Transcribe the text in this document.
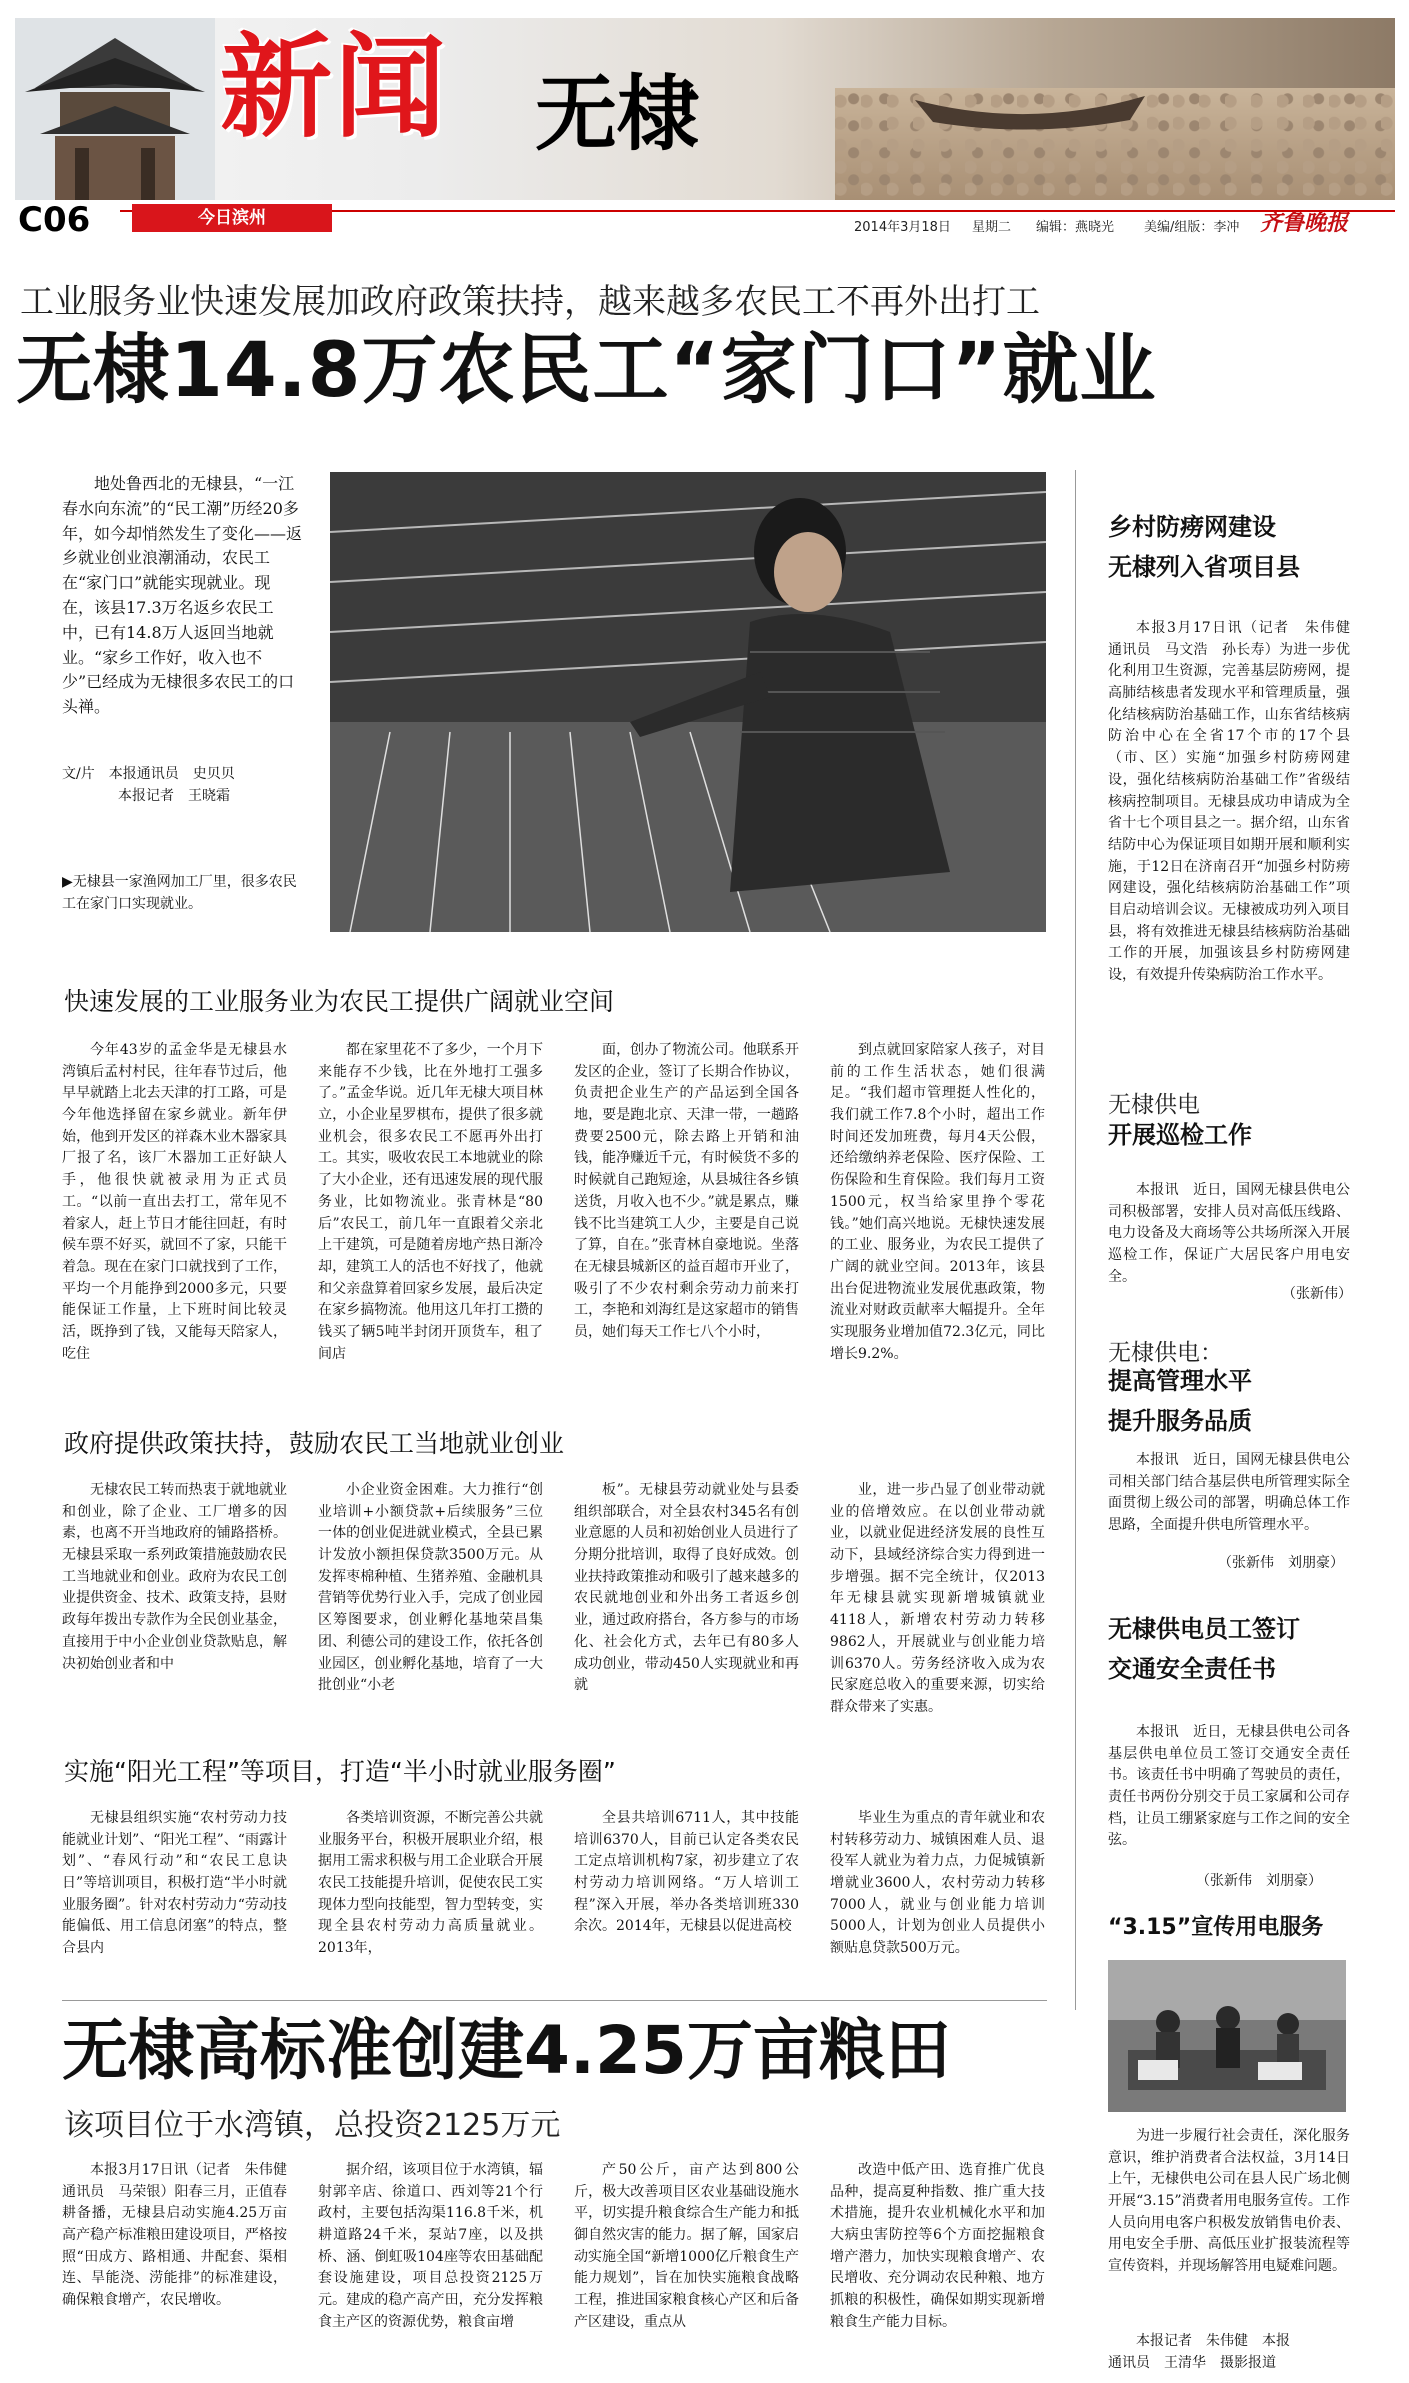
新闻 无棣
C06	今日滨州	2014年3月18日 星期二 编辑：燕晓光 美编/组版：李冲 齐鲁晚报
工业服务业快速发展加政府政策扶持，越来越多农民工不再外出打工
无棣14.8万农民工“家门口”就业
地处鲁西北的无棣县，“一江春水向东流”的“民工潮”历经20多年，如今却悄然发生了变化——返乡就业创业浪潮涌动，农民工在“家门口”就能实现就业。现在，该县17.3万名返乡农民工中，已有14.8万人返回当地就业。“家乡工作好，收入也不少”已经成为无棣很多农民工的口头禅。
文/片　本报通讯员　史贝贝
本报记者　王晓霜
▶无棣县一家渔网加工厂里，很多农民工在家门口实现就业。
快速发展的工业服务业为农民工提供广阔就业空间

今年43岁的孟金华是无棣县水湾镇后孟村村民，往年春节过后，他早早就踏上北去天津的打工路，可是今年他选择留在家乡就业。新年伊始，他到开发区的祥森木业木器家具厂报了名，该厂木器加工正好缺人手，他很快就被录用为正式员工。“以前一直出去打工，常年见不着家人，赶上节日才能往回赶，有时候车票不好买，就回不了家，只能干着急。现在在家门口就找到了工作，平均一个月能挣到2000多元，只要能保证工作量，上下班时间比较灵活，既挣到了钱，又能每天陪家人，吃住

都在家里花不了多少，一个月下来能存不少钱，比在外地打工强多了。”孟金华说。近几年无棣大项目林立，小企业星罗棋布，提供了很多就业机会，很多农民工不愿再外出打工。其实，吸收农民工本地就业的除了大小企业，还有迅速发展的现代服务业，比如物流业。张青林是“80后”农民工，前几年一直跟着父亲北上干建筑，可是随着房地产热日渐冷却，建筑工人的活也不好找了，他就和父亲盘算着回家乡发展，最后决定在家乡搞物流。他用这几年打工攒的钱买了辆5吨半封闭开顶货车，租了间店

面，创办了物流公司。他联系开发区的企业，签订了长期合作协议，负责把企业生产的产品运到全国各地，要是跑北京、天津一带，一趟路费要2500元，除去路上开销和油钱，能净赚近千元，有时候货不多的时候就自己跑短途，从县城往各乡镇送货，月收入也不少。”就是累点，赚钱不比当建筑工人少，主要是自己说了算，自在。”张青林自豪地说。坐落在无棣县城新区的益百超市开业了，吸引了不少农村剩余劳动力前来打工，李艳和刘海红是这家超市的销售员，她们每天工作七八个小时，

到点就回家陪家人孩子，对目前的工作生活状态，她们很满足。“我们超市管理挺人性化的，我们就工作7.8个小时，超出工作时间还发加班费，每月4天公假，还给缴纳养老保险、医疗保险、工伤保险和生育保险。我们每月工资1500元，权当给家里挣个零花钱。”她们高兴地说。无棣快速发展的工业、服务业，为农民工提供了广阔的就业空间。2013年，该县出台促进物流业发展优惠政策，物流业对财政贡献率大幅提升。全年实现服务业增加值72.3亿元，同比增长9.2%。

政府提供政策扶持，鼓励农民工当地就业创业

无棣农民工转而热衷于就地就业和创业，除了企业、工厂增多的因素，也离不开当地政府的铺路搭桥。无棣县采取一系列政策措施鼓励农民工当地就业和创业。政府为农民工创业提供资金、技术、政策支持，县财政每年拨出专款作为全民创业基金，直接用于中小企业创业贷款贴息，解决初始创业者和中

小企业资金困难。大力推行“创业培训+小额贷款+后续服务”三位一体的创业促进就业模式，全县已累计发放小额担保贷款3500万元。从发挥枣棉种植、生猪养殖、金融机具营销等优势行业入手，完成了创业园区筹图要求，创业孵化基地荣昌集团、利德公司的建设工作，依托各创业园区，创业孵化基地，培育了一大批创业“小老

板”。无棣县劳动就业处与县委组织部联合，对全县农村345名有创业意愿的人员和初始创业人员进行了分期分批培训，取得了良好成效。创业扶持政策推动和吸引了越来越多的农民就地创业和外出务工者返乡创业，通过政府搭台，各方参与的市场化、社会化方式，去年已有80多人成功创业，带动450人实现就业和再就

业，进一步凸显了创业带动就业的倍增效应。在以创业带动就业，以就业促进经济发展的良性互动下，县域经济综合实力得到进一步增强。据不完全统计，仅2013年无棣县就实现新增城镇就业4118人，新增农村劳动力转移9862人，开展就业与创业能力培训6370人。劳务经济收入成为农民家庭总收入的重要来源，切实给群众带来了实惠。

实施“阳光工程”等项目，打造“半小时就业服务圈”

无棣县组织实施“农村劳动力技能就业计划”、“阳光工程”、“雨露计划”、“春风行动”和“农民工息诀日”等培训项目，积极打造“半小时就业服务圈”。针对农村劳动力“劳动技能偏低、用工信息闭塞”的特点，整合县内

各类培训资源，不断完善公共就业服务平台，积极开展职业介绍，根据用工需求积极与用工企业联合开展农民工技能提升培训，促使农民工实现体力型向技能型，智力型转变，实现全县农村劳动力高质量就业。2013年，

全县共培训6711人，其中技能培训6370人，目前已认定各类农民工定点培训机构7家，初步建立了农村劳动力培训网络。“万人培训工程”深入开展，举办各类培训班330余次。2014年，无棣县以促进高校

毕业生为重点的青年就业和农村转移劳动力、城镇困难人员、退役军人就业为着力点，力促城镇新增就业3600人，农村劳动力转移7000人，就业与创业能力培训5000人，计划为创业人员提供小额贴息贷款500万元。

无棣高标准创建4.25万亩粮田
该项目位于水湾镇，总投资2125万元

本报3月17日讯（记者　朱伟健　通讯员　马荣银）阳春三月，正值春耕备播，无棣县启动实施4.25万亩高产稳产标准粮田建设项目，严格按照“田成方、路相通、井配套、渠相连、旱能浇、涝能排”的标准建设，确保粮食增产，农民增收。

据介绍，该项目位于水湾镇，辐射郭辛店、徐道口、西刘等21个行政村，主要包括沟渠116.8千米，机耕道路24千米，泵站7座，以及拱桥、涵、倒虹吸104座等农田基础配套设施建设，项目总投资2125万元。建成的稳产高产田，充分发挥粮食主产区的资源优势，粮食亩增

产50公斤，亩产达到800公斤，极大改善项目区农业基础设施水平，切实提升粮食综合生产能力和抵御自然灾害的能力。据了解，国家启动实施全国“新增1000亿斤粮食生产能力规划”，旨在加快实施粮食战略工程，推进国家粮食核心产区和后备产区建设，重点从

改造中低产田、选育推广优良品种，提高夏种指数、推广重大技术措施，提升农业机械化水平和加大病虫害防控等6个方面挖掘粮食增产潜力，加快实现粮食增产、农民增收、充分调动农民种粮、地方抓粮的积极性，确保如期实现新增粮食生产能力目标。

乡村防痨网建设
无棣列入省项目县

本报3月17日讯（记者　朱伟健　通讯员　马文浩　孙长寿）为进一步优化利用卫生资源，完善基层防痨网，提高肺结核患者发现水平和管理质量，强化结核病防治基础工作，山东省结核病防治中心在全省17个市的17个县（市、区）实施“加强乡村防痨网建设，强化结核病防治基础工作”省级结核病控制项目。无棣县成功申请成为全省十七个项目县之一。据介绍，山东省结防中心为保证项目如期开展和顺利实施，于12日在济南召开“加强乡村防痨网建设，强化结核病防治基础工作”项目启动培训会议。无棣被成功列入项目县，将有效推进无棣县结核病防治基础工作的开展，加强该县乡村防痨网建设，有效提升传染病防治工作水平。

无棣供电
开展巡检工作

本报讯　近日，国网无棣县供电公司积极部署，安排人员对高低压线路、电力设备及大商场等公共场所深入开展巡检工作，保证广大居民客户用电安全。

（张新伟）
无棣供电：
提高管理水平
提升服务品质

本报讯　近日，国网无棣县供电公司相关部门结合基层供电所管理实际全面贯彻上级公司的部署，明确总体工作思路，全面提升供电所管理水平。

（张新伟　刘朋豪）
无棣供电员工签订
交通安全责任书

本报讯　近日，无棣县供电公司各基层供电单位员工签订交通安全责任书。该责任书中明确了驾驶员的责任，责任书两份分别交于员工家属和公司存档，让员工绷紧家庭与工作之间的安全弦。

（张新伟　刘朋豪）
“3.15”宣传用电服务

为进一步履行社会责任，深化服务意识，维护消费者合法权益，3月14日上午，无棣供电公司在县人民广场北侧开展“3.15”消费者用电服务宣传。工作人员向用电客户积极发放销售电价表、用电安全手册、高低压业扩报装流程等宣传资料，并现场解答用电疑难问题。

本报记者　朱伟健　本报
通讯员　王清华　摄影报道
